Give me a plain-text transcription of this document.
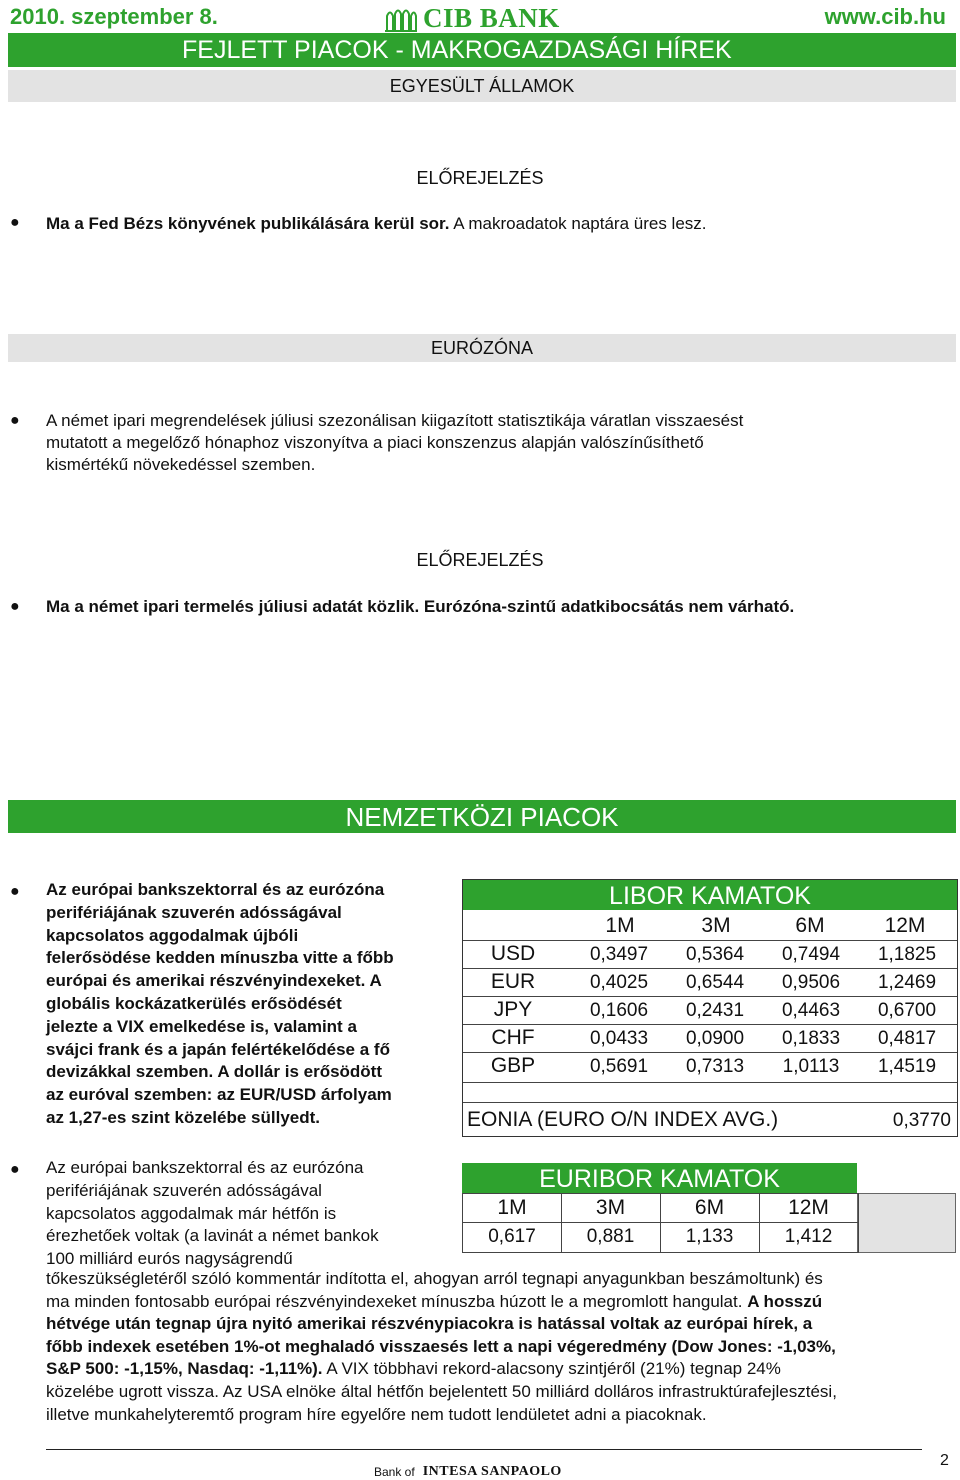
2010. szeptember 8.	CIB BANK	www.cib.hu
FEJLETT PIACOK - MAKROGAZDASÁGI HÍREK
EGYESÜLT ÁLLAMOK
ELŐREJELZÉS
● Ma a Fed Bézs könyvének publikálására kerül sor. A makroadatok naptára üres lesz.
EURÓZÓNA
● A német ipari megrendelések júliusi szezonálisan kiigazított statisztikája váratlan visszaesést
mutatott a megelőző hónaphoz viszonyítva a piaci konszenzus alapján valószínűsíthető
kismértékű növekedéssel szemben.
ELŐREJELZÉS
● Ma a német ipari termelés júliusi adatát közlik. Eurózóna-szintű adatkibocsátás nem várható.
NEMZETKÖZI PIACOK
● Az európai bankszektorral és az eurózóna
perifériájának szuverén adósságával
kapcsolatos aggodalmak újbóli
felerősödése kedden mínuszba vitte a főbb
európai és amerikai részvényindexeket. A
globális kockázatkerülés erősödését
jelezte a VIX emelkedése is, valamint a
svájci frank és a japán felértékelődése a fő
devizákkal szemben. A dollár is erősödött
az euróval szemben: az EUR/USD árfolyam
az 1,27-es szint közelébe süllyedt.
LIBOR KAMATOK
1M	3M	6M	12M
USD	0,3497	0,5364	0,7494	1,1825
EUR	0,4025	0,6544	0,9506	1,2469
JPY	0,1606	0,2431	0,4463	0,6700
CHF	0,0433	0,0900	0,1833	0,4817
GBP	0,5691	0,7313	1,0113	1,4519
EONIA (EURO O/N INDEX AVG.)	0,3770
● Az európai bankszektorral és az eurózóna
perifériájának szuverén adósságával
kapcsolatos aggodalmak már hétfőn is
érezhetőek voltak (a lavinát a német bankok
100 milliárd eurós nagyságrendű
EURIBOR KAMATOK
1M	3M	6M	12M
0,617	0,881	1,133	1,412
tőkeszükségletéről szóló kommentár indította el, ahogyan arról tegnapi anyagunkban beszámoltunk) és
ma minden fontosabb európai részvényindexeket mínuszba húzott le a megromlott hangulat. A hosszú
hétvége után tegnap újra nyitó amerikai részvénypiacokra is hatással voltak az európai hírek, a
főbb indexek esetében 1%-ot meghaladó visszaesés lett a napi végeredmény (Dow Jones: -1,03%,
S&P 500: -1,15%, Nasdaq: -1,11%). A VIX többhavi rekord-alacsony szintjéről (21%) tegnap 24%
közelébe ugrott vissza. Az USA elnöke által hétfőn bejelentett 50 milliárd dolláros infrastruktúrafejlesztési,
illetve munkahelyteremtő program híre egyelőre nem tudott lendületet adni a piacoknak.
Bank of INTESA SANPAOLO
2
